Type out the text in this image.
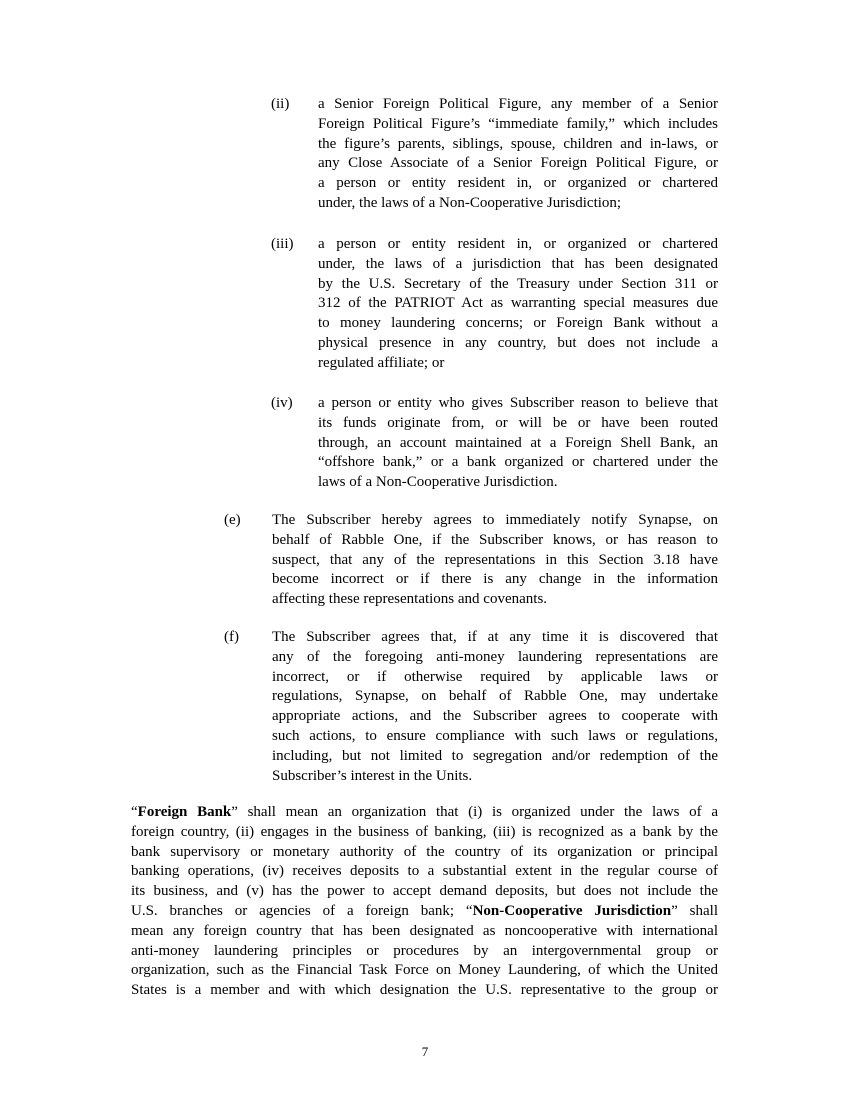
(ii) a Senior Foreign Political Figure, any member of a Senior
Foreign Political Figure’s “immediate family,” which includes
the figure’s parents, siblings, spouse, children and in-laws, or
any Close Associate of a Senior Foreign Political Figure, or
a person or entity resident in, or organized or chartered
under, the laws of a Non-Cooperative Jurisdiction;
(iii) a person or entity resident in, or organized or chartered
under, the laws of a jurisdiction that has been designated
by the U.S. Secretary of the Treasury under Section 311 or
312 of the PATRIOT Act as warranting special measures due
to money laundering concerns; or Foreign Bank without a
physical presence in any country, but does not include a
regulated affiliate; or
(iv) a person or entity who gives Subscriber reason to believe that
its funds originate from, or will be or have been routed
through, an account maintained at a Foreign Shell Bank, an
“offshore bank,” or a bank organized or chartered under the
laws of a Non-Cooperative Jurisdiction.
(e) The Subscriber hereby agrees to immediately notify Synapse, on
behalf of Rabble One, if the Subscriber knows, or has reason to
suspect, that any of the representations in this Section 3.18 have
become incorrect or if there is any change in the information
affecting these representations and covenants.
(f) The Subscriber agrees that, if at any time it is discovered that
any of the foregoing anti-money laundering representations are
incorrect, or if otherwise required by applicable laws or
regulations, Synapse, on behalf of Rabble One, may undertake
appropriate actions, and the Subscriber agrees to cooperate with
such actions, to ensure compliance with such laws or regulations,
including, but not limited to segregation and/or redemption of the
Subscriber’s interest in the Units.
“Foreign Bank” shall mean an organization that (i) is organized under the laws of a
foreign country, (ii) engages in the business of banking, (iii) is recognized as a bank by the
bank supervisory or monetary authority of the country of its organization or principal
banking operations, (iv) receives deposits to a substantial extent in the regular course of
its business, and (v) has the power to accept demand deposits, but does not include the
U.S. branches or agencies of a foreign bank; “Non-Cooperative Jurisdiction” shall
mean any foreign country that has been designated as noncooperative with international
anti-money laundering principles or procedures by an intergovernmental group or
organization, such as the Financial Task Force on Money Laundering, of which the United
States is a member and with which designation the U.S. representative to the group or
7
